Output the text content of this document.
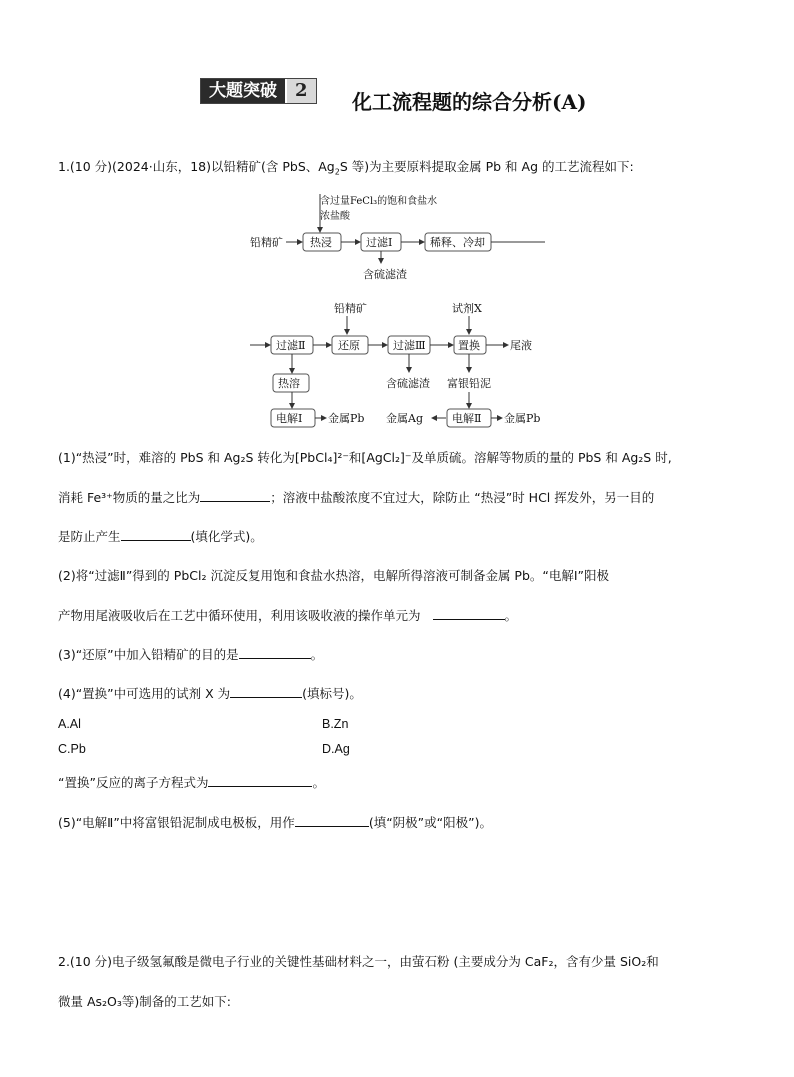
大题突破	2	化工流程题的综合分析(A)
1.(10 分)(2024·山东，18)以铅精矿(含 PbS、$Ag_2S$ 等)为主要原料提取金属 Pb 和 Ag 的工艺流程如下:
含过量FeCl₃的饱和食盐水
浓盐酸
铅精矿 热浸	过滤Ⅰ	稀释、冷却
含硫滤渣
铅精矿	试剂X
过滤Ⅱ	还原	过滤Ⅲ	置换	尾液
热溶	含硫滤渣 富银铅泥
电解Ⅰ 金属Pb 金属Ag	电解Ⅱ 金属Pb
(1)“热浸”时，难溶的 PbS 和 Ag₂S 转化为[PbCl₄]²⁻和[AgCl₂]⁻及单质硫。溶解等物质的量的 PbS 和 Ag₂S 时,
消耗 Fe³⁺物质的量之比为	；溶液中盐酸浓度不宜过大，除防止 “热浸”时 HCl 挥发外，另一目的
是防止产生	(填化学式)。
(2)将“过滤Ⅱ”得到的 PbCl₂ 沉淀反复用饱和食盐水热溶，电解所得溶液可制备金属 Pb。“电解Ⅰ”阳极
产物用尾液吸收后在工艺中循环使用，利用该吸收液的操作单元为	。
(3)“还原”中加入铅精矿的目的是	。
(4)“置换”中可选用的试剂 X 为	(填标号)。
A.Al	B.Zn
C.Pb	D.Ag
“置换”反应的离子方程式为	。
(5)“电解Ⅱ”中将富银铅泥制成电极板，用作	(填“阴极”或“阳极”)。
2.(10 分)电子级氢氟酸是微电子行业的关键性基础材料之一，由萤石粉 (主要成分为 CaF₂，含有少量 SiO₂和
微量 As₂O₃等)制备的工艺如下:
